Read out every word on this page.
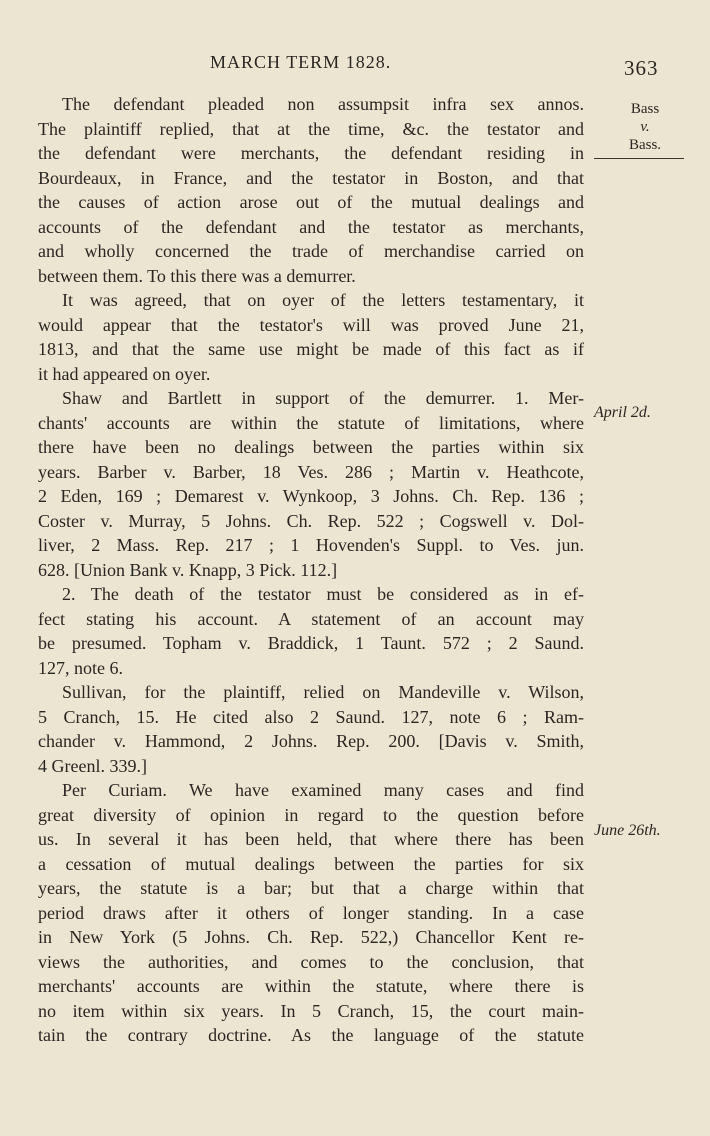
MARCH TERM 1828.	363
Bass
v.
Bass.
April 2d.
June 26th.
The defendant pleaded non assumpsit infra sex annos.
The plaintiff replied, that at the time, &c. the testator and
the defendant were merchants, the defendant residing in
Bourdeaux, in France, and the testator in Boston, and that
the causes of action arose out of the mutual dealings and
accounts of the defendant and the testator as merchants,
and wholly concerned the trade of merchandise carried on
between them. To this there was a demurrer.
It was agreed, that on oyer of the letters testamentary, it
would appear that the testator's will was proved June 21,
1813, and that the same use might be made of this fact as if
it had appeared on oyer.
Shaw and Bartlett in support of the demurrer. 1. Mer-
chants' accounts are within the statute of limitations, where
there have been no dealings between the parties within six
years. Barber v. Barber, 18 Ves. 286 ; Martin v. Heathcote,
2 Eden, 169 ; Demarest v. Wynkoop, 3 Johns. Ch. Rep. 136 ;
Coster v. Murray, 5 Johns. Ch. Rep. 522 ; Cogswell v. Dol-
liver, 2 Mass. Rep. 217 ; 1 Hovenden's Suppl. to Ves. jun.
628. [Union Bank v. Knapp, 3 Pick. 112.]
2. The death of the testator must be considered as in ef-
fect stating his account. A statement of an account may
be presumed. Topham v. Braddick, 1 Taunt. 572 ; 2 Saund.
127, note 6.
Sullivan, for the plaintiff, relied on Mandeville v. Wilson,
5 Cranch, 15. He cited also 2 Saund. 127, note 6 ; Ram-
chander v. Hammond, 2 Johns. Rep. 200. [Davis v. Smith,
4 Greenl. 339.]
Per Curiam. We have examined many cases and find
great diversity of opinion in regard to the question before
us. In several it has been held, that where there has been
a cessation of mutual dealings between the parties for six
years, the statute is a bar; but that a charge within that
period draws after it others of longer standing. In a case
in New York (5 Johns. Ch. Rep. 522,) Chancellor Kent re-
views the authorities, and comes to the conclusion, that
merchants' accounts are within the statute, where there is
no item within six years. In 5 Cranch, 15, the court main-
tain the contrary doctrine. As the language of the statute
